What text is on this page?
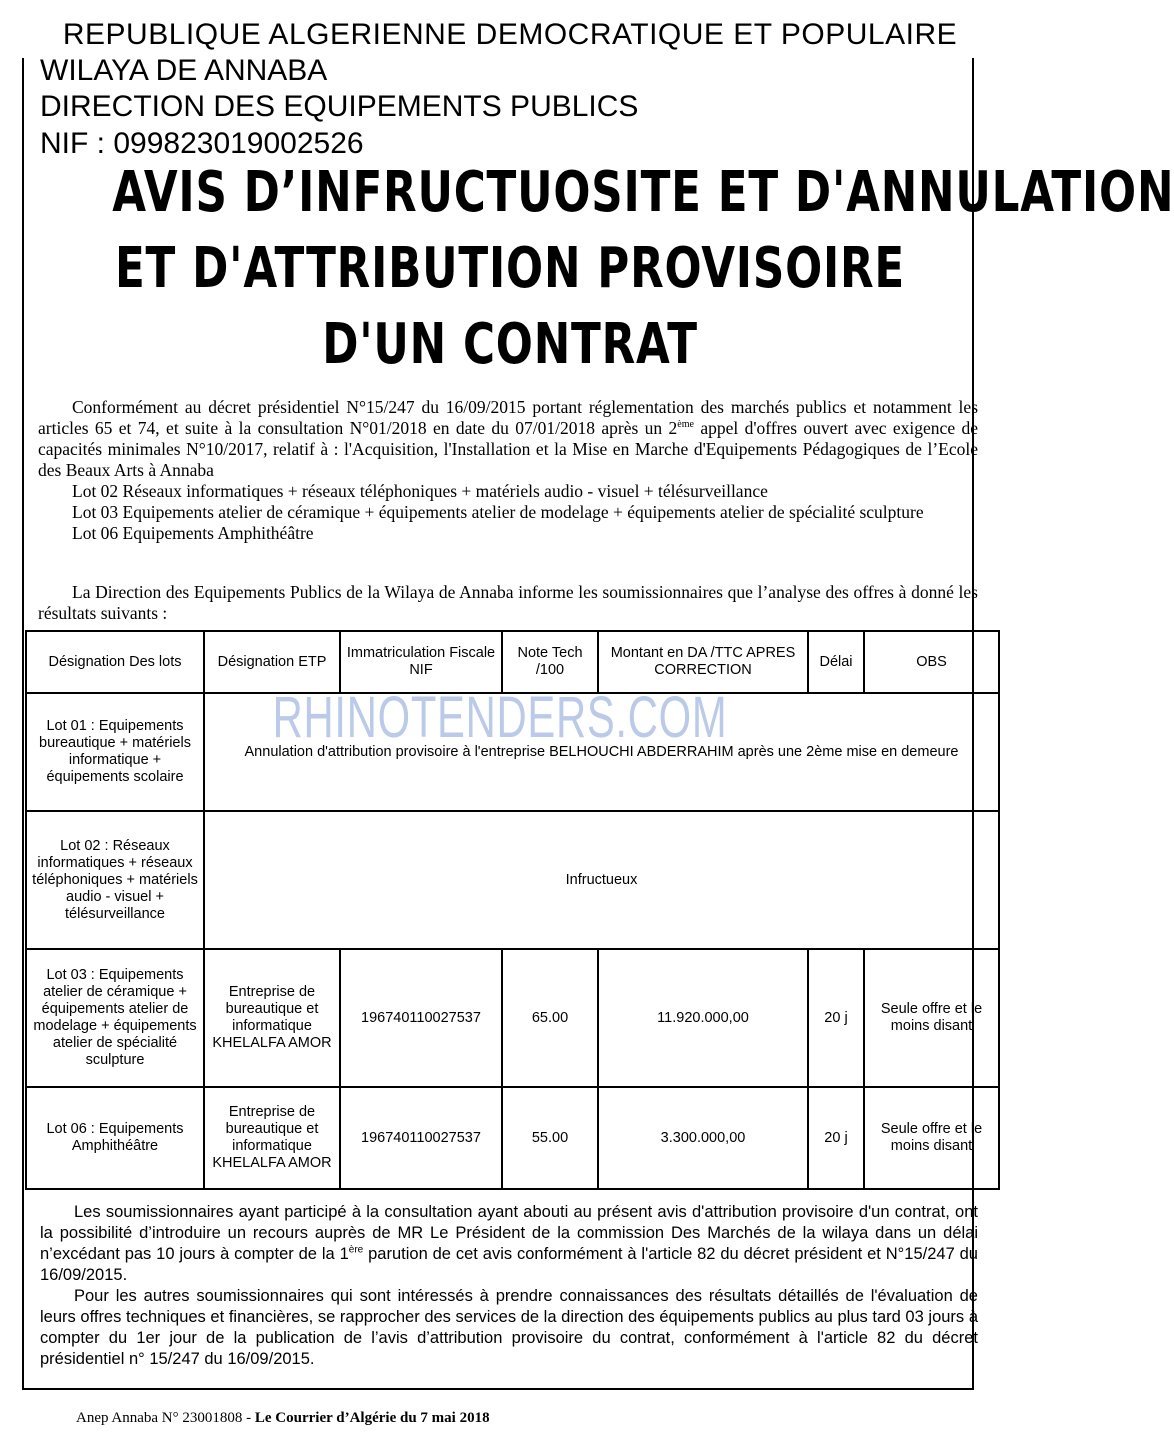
REPUBLIQUE ALGERIENNE DEMOCRATIQUE ET POPULAIRE
WILAYA DE ANNABA
DIRECTION DES EQUIPEMENTS PUBLICS
NIF : 099823019002526
AVIS D’INFRUCTUOSITE ET D'ANNULATION
ET D'ATTRIBUTION PROVISOIRE
D'UN CONTRAT

Conformément au décret présidentiel N°15/247 du 16/09/2015 portant réglementation des marchés publics et notamment les articles 65 et 74, et suite à la consultation N°01/2018 en date du 07/01/2018 après un 2ème appel d'offres ouvert avec exigence de capacités minimales N°10/2017, relatif à : l'Acquisition, l'Installation et la Mise en Marche d'Equipements Pédagogiques de l’Ecole des Beaux Arts à Annaba

Lot 02 Réseaux informatiques + réseaux téléphoniques + matériels audio - visuel + télésurveillance

Lot 03 Equipements atelier de céramique + équipements atelier de modelage + équipements atelier de spécialité sculpture

Lot 06 Equipements Amphithéâtre

La Direction des Equipements Publics de la Wilaya de Annaba informe les soumissionnaires que l’analyse des offres à donné les résultats suivants :

Désignation Des lots	Désignation ETP	Immatriculation Fiscale NIF	Note Tech /100	Montant en DA /TTC APRES CORRECTION	Délai	OBS
Lot 01 : Equipements bureautique + matériels informatique + équipements scolaire	Annulation d'attribution provisoire à l'entreprise BELHOUCHI ABDERRAHIM après une 2ème mise en demeure					
Lot 02 : Réseaux informatiques + réseaux téléphoniques + matériels audio - visuel + télésurveillance	Infructueux					
Lot 03 : Equipements atelier de céramique + équipements atelier de modelage + équipements atelier de spécialité sculpture	Entreprise de bureautique et informatique KHELALFA AMOR	196740110027537	65.00	11.920.000,00	20 j	Seule offre et le moins disant
Lot 06 : Equipements Amphithéâtre	Entreprise de bureautique et informatique KHELALFA AMOR	196740110027537	55.00	3.300.000,00	20 j	Seule offre et le moins disant
RHINOTENDERS.COM

Les soumissionnaires ayant participé à la consultation ayant abouti au présent avis d'attribution provisoire d'un contrat, ont la possibilité d’introduire un recours auprès de MR Le Président de la commission Des Marchés de la wilaya dans un délai n’excédant pas 10 jours à compter de la 1ère parution de cet avis conformément à l'article 82 du décret président et N°15/247 du 16/09/2015.

Pour les autres soumissionnaires qui sont intéressés à prendre connaissances des résultats détaillés de l'évaluation de leurs offres techniques et financières, se rapprocher des services de la direction des équipements publics au plus tard 03 jours à compter du 1er jour de la publication de l’avis d’attribution provisoire du contrat, conformément à l'article 82 du décret présidentiel n° 15/247 du 16/09/2015.

Anep Annaba N° 23001808 - Le Courrier d’Algérie du 7 mai 2018
